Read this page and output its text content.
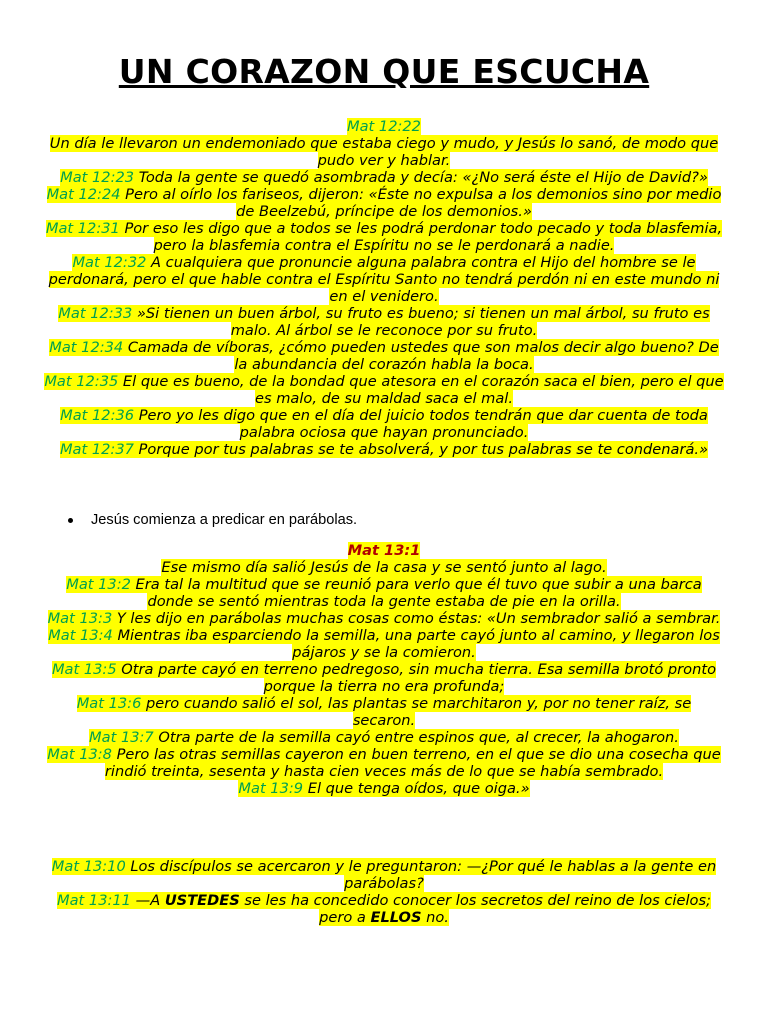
UN CORAZON QUE ESCUCHA

Mat 12:22

Un día le llevaron un endemoniado que estaba ciego y mudo, y Jesús lo sanó, de modo que pudo ver y hablar.

Mat 12:23 Toda la gente se quedó asombrada y decía: «¿No será éste el Hijo de David?»

Mat 12:24 Pero al oírlo los fariseos, dijeron: «Éste no expulsa a los demonios sino por medio de Beelzebú, príncipe de los demonios.»

Mat 12:31 Por eso les digo que a todos se les podrá perdonar todo pecado y toda blasfemia, pero la blasfemia contra el Espíritu no se le perdonará a nadie.

Mat 12:32 A cualquiera que pronuncie alguna palabra contra el Hijo del hombre se le perdonará, pero el que hable contra el Espíritu Santo no tendrá perdón ni en este mundo ni en el venidero.

Mat 12:33 »Si tienen un buen árbol, su fruto es bueno; si tienen un mal árbol, su fruto es malo. Al árbol se le reconoce por su fruto.

Mat 12:34 Camada de víboras, ¿cómo pueden ustedes que son malos decir algo bueno? De la abundancia del corazón habla la boca.

Mat 12:35 El que es bueno, de la bondad que atesora en el corazón saca el bien, pero el que es malo, de su maldad saca el mal.

Mat 12:36 Pero yo les digo que en el día del juicio todos tendrán que dar cuenta de toda palabra ociosa que hayan pronunciado.

Mat 12:37 Porque por tus palabras se te absolverá, y por tus palabras se te condenará.»

Jesús comienza a predicar en parábolas.

Mat 13:1

Ese mismo día salió Jesús de la casa y se sentó junto al lago.

Mat 13:2 Era tal la multitud que se reunió para verlo que él tuvo que subir a una barca donde se sentó mientras toda la gente estaba de pie en la orilla.

Mat 13:3 Y les dijo en parábolas muchas cosas como éstas: «Un sembrador salió a sembrar.

Mat 13:4 Mientras iba esparciendo la semilla, una parte cayó junto al camino, y llegaron los pájaros y se la comieron.

Mat 13:5 Otra parte cayó en terreno pedregoso, sin mucha tierra. Esa semilla brotó pronto porque la tierra no era profunda;

Mat 13:6 pero cuando salió el sol, las plantas se marchitaron y, por no tener raíz, se secaron.

Mat 13:7 Otra parte de la semilla cayó entre espinos que, al crecer, la ahogaron.

Mat 13:8 Pero las otras semillas cayeron en buen terreno, en el que se dio una cosecha que rindió treinta, sesenta y hasta cien veces más de lo que se había sembrado.

Mat 13:9 El que tenga oídos, que oiga.»

Mat 13:10 Los discípulos se acercaron y le preguntaron: —¿Por qué le hablas a la gente en parábolas?

Mat 13:11 —A USTEDES se les ha concedido conocer los secretos del reino de los cielos; pero a ELLOS no.
